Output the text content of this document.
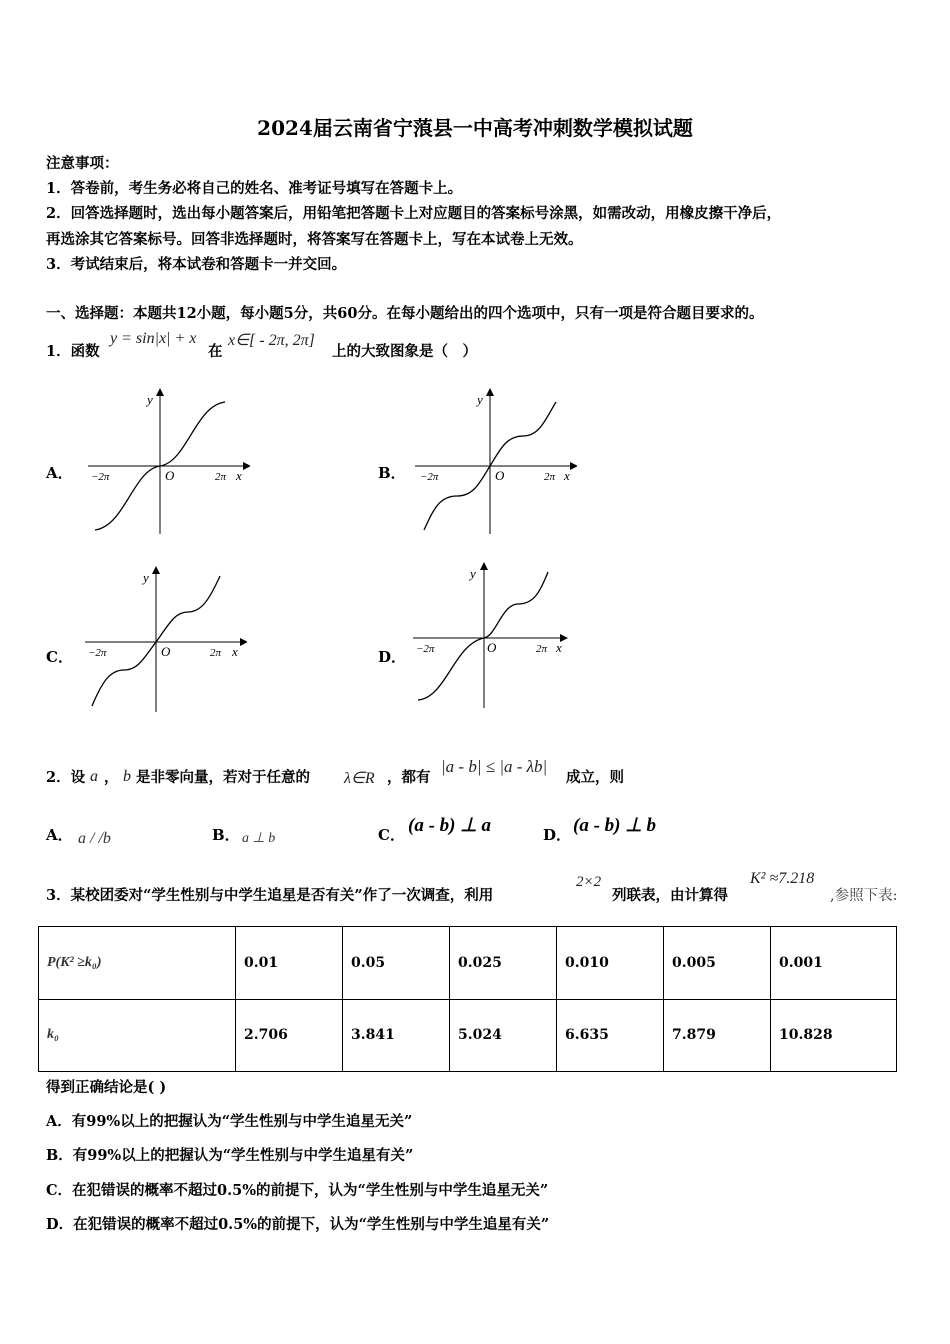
2024届云南省宁蒗县一中高考冲刺数学模拟试题
注意事项：
1．答卷前，考生务必将自己的姓名、准考证号填写在答题卡上。
2．回答选择题时，选出每小题答案后，用铅笔把答题卡上对应题目的答案标号涂黑，如需改动，用橡皮擦干净后，
再选涂其它答案标号。回答非选择题时，将答案写在答题卡上，写在本试卷上无效。
3．考试结束后，将本试卷和答题卡一并交回。
一、选择题：本题共12小题，每小题5分，共60分。在每小题给出的四个选项中，只有一项是符合题目要求的。
1．函数
y = sin|x| + x
在
x∈[ - 2π, 2π]
上的大致图象是（　）
A．	B．
C．	D．
y
O
−2π	2π x
y
O
−2π	2π x
y
O
−2π	2π x
y
O
−2π	2π x
2．设 a ， b 是非零向量，若对于任意的 λ∈R ，都有
|a - b| ≤ |a - λb|
成立，则
A． a / /b	B． a ⊥ b	C． (a - b) ⊥ a	D． (a - b) ⊥ b
3．某校团委对“学生性别与中学生追星是否有关”作了一次调查，利用
2×2
列联表，由计算得
K² ≈7.218
,参照下表:
P(K² ≥k₀)	0.01	0.05	0.025	0.010	0.005	0.001
k₀	2.706	3.841	5.024	6.635	7.879	10.828
得到正确结论是( )
A．有99%以上的把握认为“学生性别与中学生追星无关”
B．有99%以上的把握认为“学生性别与中学生追星有关”
C．在犯错误的概率不超过0.5%的前提下，认为“学生性别与中学生追星无关”
D．在犯错误的概率不超过0.5%的前提下，认为“学生性别与中学生追星有关”
